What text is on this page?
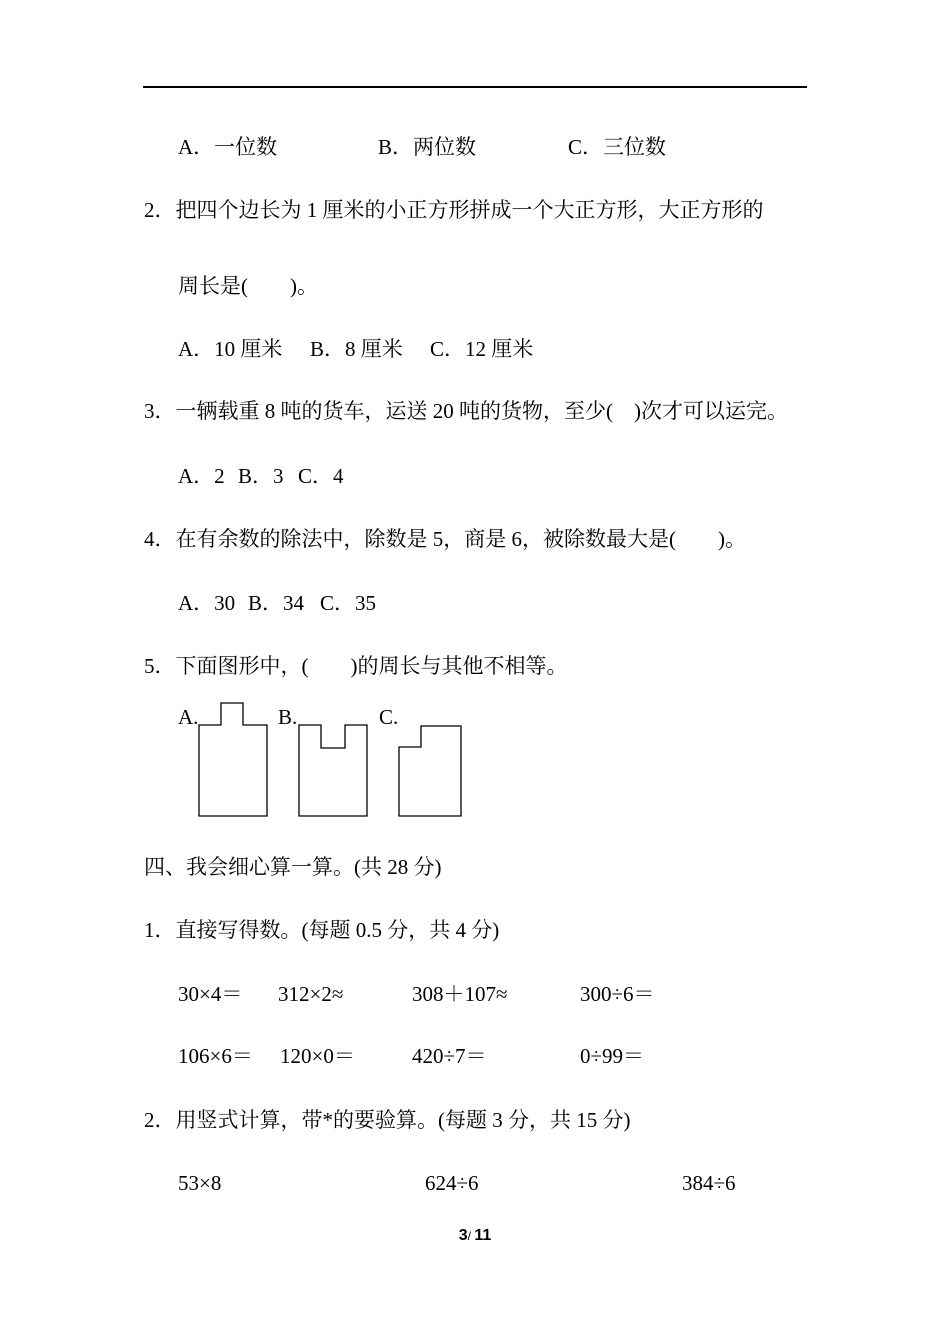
A．一位数	B．两位数	C．三位数
2．把四个边长为 1 厘米的小正方形拼成一个大正方形，大正方形的
周长是(　　)。
A．10 厘米 B．8 厘米 C．12 厘米
3．一辆载重 8 吨的货车，运送 20 吨的货物，至少(　)次才可以运完。
A．2 B．3 C．4
4．在有余数的除法中，除数是 5，商是 6，被除数最大是(　　)。
A．30 B．34 C．35
5．下面图形中，(　　)的周长与其他不相等。
A.	B.	C.
四、我会细心算一算。(共 28 分)
1．直接写得数。(每题 0.5 分，共 4 分)
30×4＝ 312×2≈	308＋107≈	300÷6＝
106×6＝ 120×0＝	420÷7＝	0÷99＝
2．用竖式计算，带*的要验算。(每题 3 分，共 15 分)
53×8	624÷6	384÷6
3/ 11
